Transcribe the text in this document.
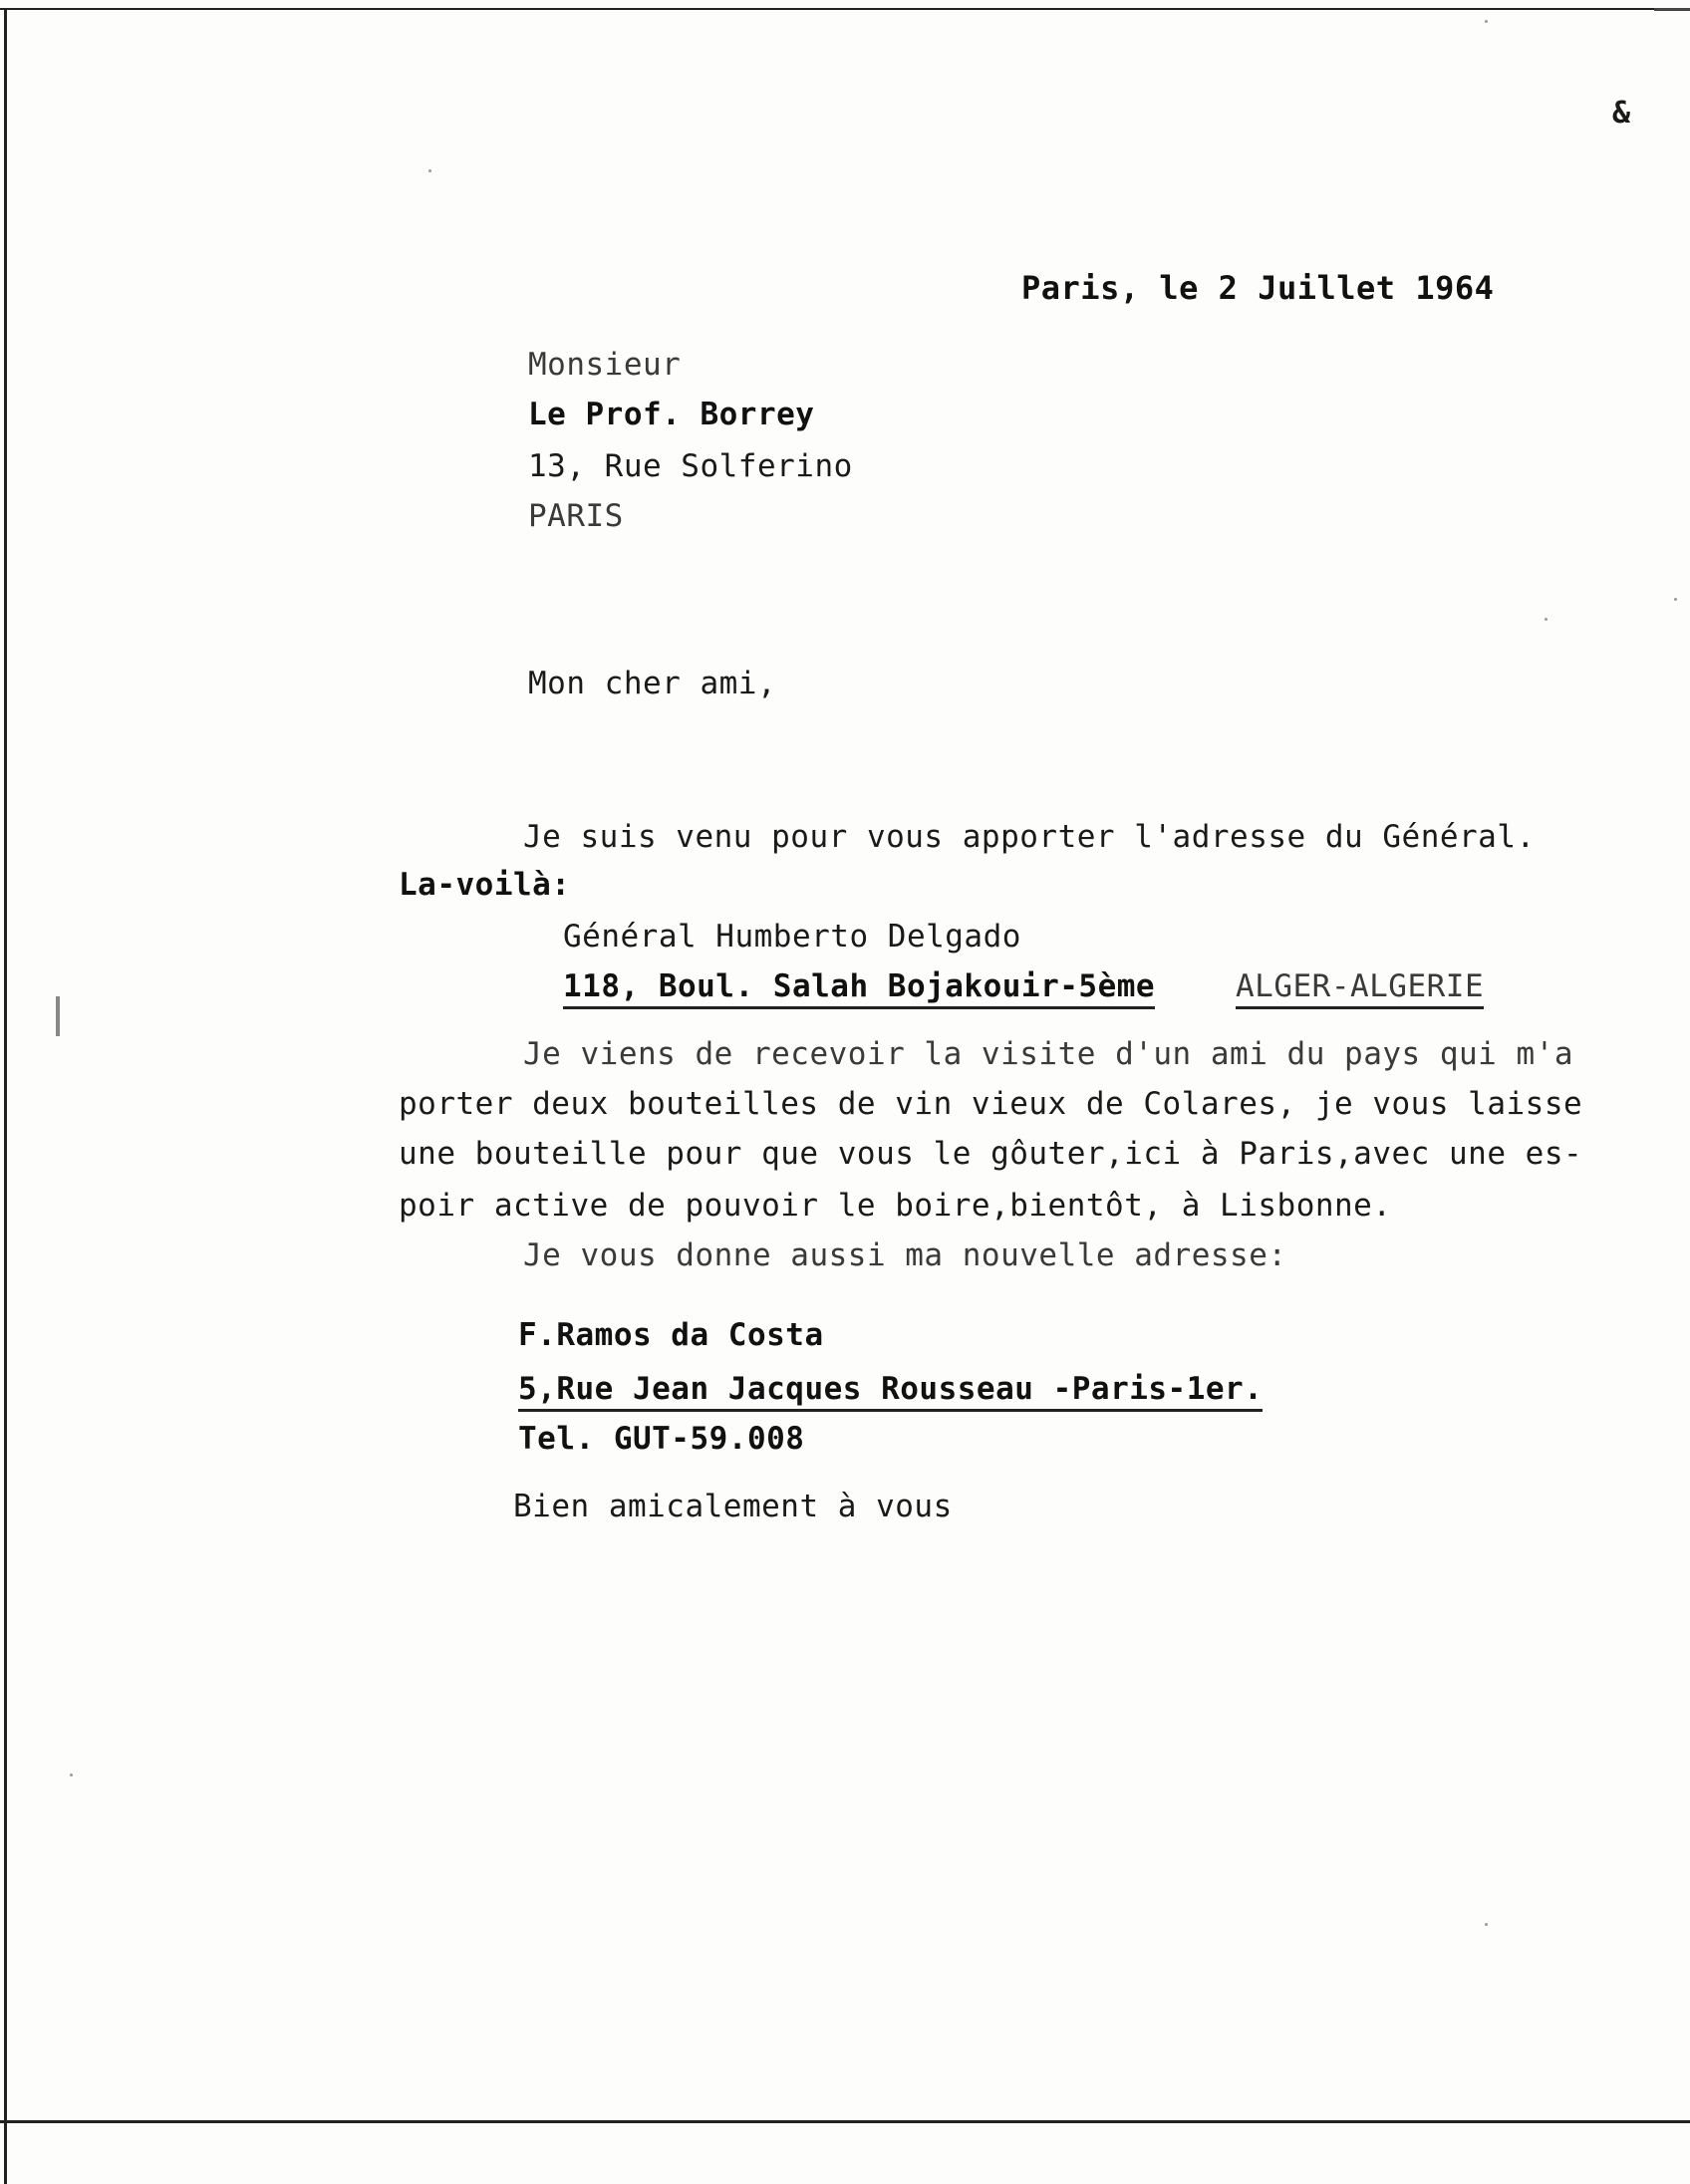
&
Paris, le 2 Juillet 1964
Monsieur
Le Prof. Borrey
13, Rue Solferino
PARIS
Mon cher ami,
Je suis venu pour vous apporter l'adresse du Général.
La-voilà:
Général Humberto Delgado
118, Boul. Salah Bojakouir-5ème	ALGER-ALGERIE
Je viens de recevoir la visite d'un ami du pays qui m'a
porter deux bouteilles de vin vieux de Colares, je vous laisse
une bouteille pour que vous le gôuter,ici à Paris,avec une es-
poir active de pouvoir le boire,bientôt, à Lisbonne.
Je vous donne aussi ma nouvelle adresse:
F.Ramos da Costa
5,Rue Jean Jacques Rousseau -Paris-1er.
Tel. GUT-59.008
Bien amicalement à vous
